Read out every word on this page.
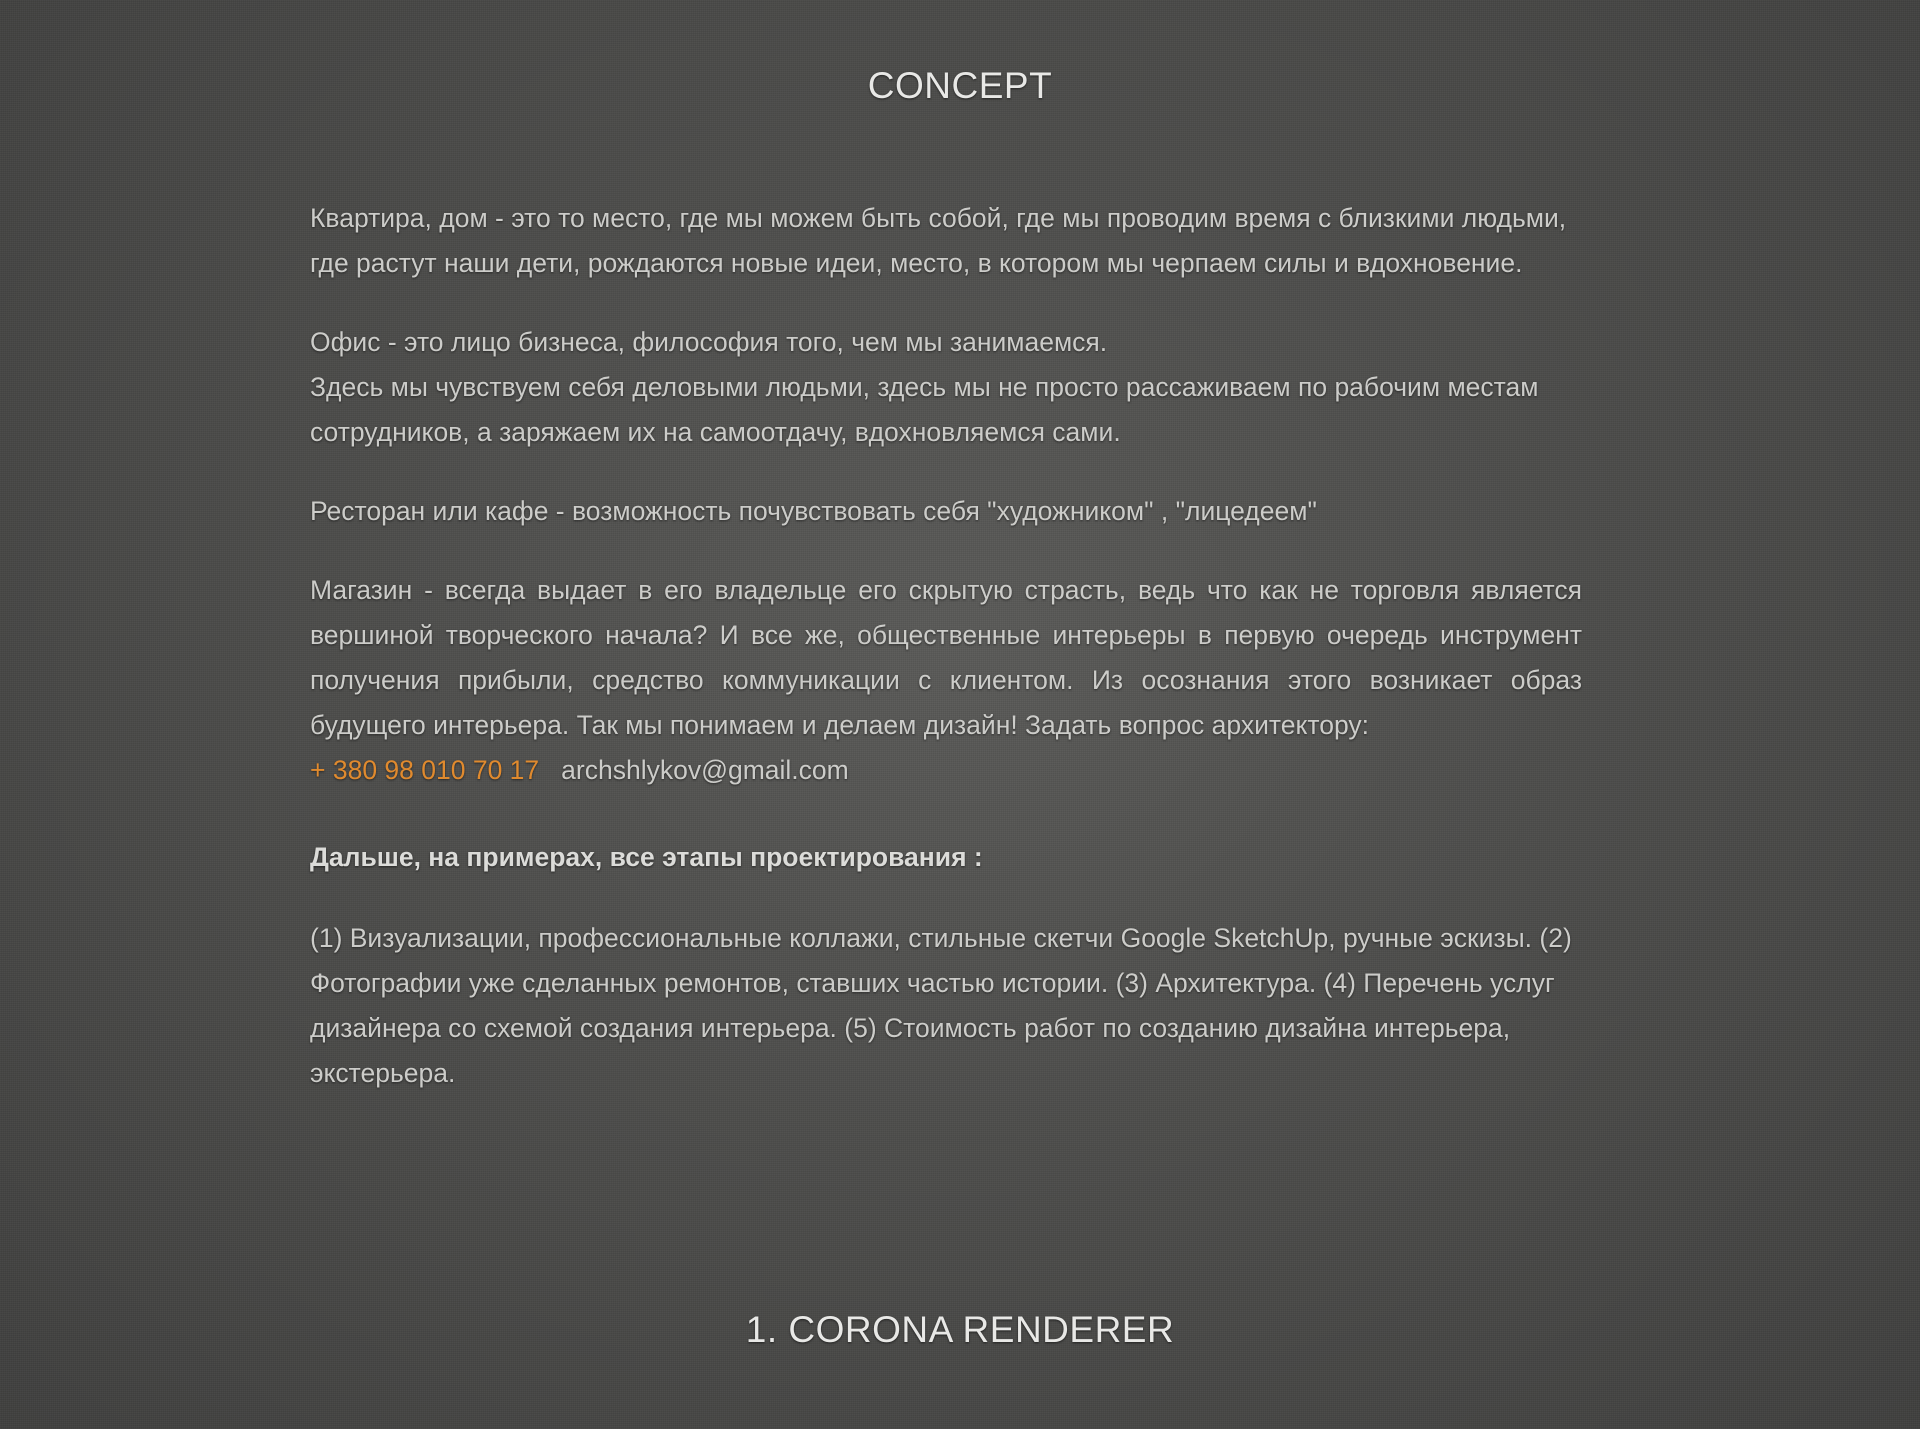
CONCEPT

Квартира, дом - это то место, где мы можем быть собой, где мы проводим время с близкими людьми, где растут наши дети, рождаются новые идеи, место, в котором мы черпаем силы и вдохновение.

Офис - это лицо бизнеса, философия того, чем мы занимаемся.

Здесь мы чувствуем себя деловыми людьми, здесь мы не просто рассаживаем по рабочим местам сотрудников, а заряжаем их на самоотдачу, вдохновляемся сами.

Ресторан или кафе - возможность почувствовать себя "художником" , "лицедеем"

Магазин - всегда выдает в его владельце его скрытую страсть, ведь что как не торговля является вершиной творческого начала? И все же, общественные интерьеры в первую очередь инструмент получения прибыли, средство коммуникации с клиентом. Из осознания этого возникает образ будущего интерьера. Так мы понимаем и делаем дизайн! Задать вопрос архитектору:

+ 380 98 010 70 17 archshlykov@gmail.com

Дальше, на примерах, все этапы проектирования :

(1) Визуализации, профессиональные коллажи, стильные скетчи Google SketchUp, ручные эскизы. (2) Фотографии уже сделанных ремонтов, ставших частью истории. (3) Архитектура. (4) Перечень услуг дизайнера со схемой создания интерьера. (5) Стоимость работ по созданию дизайна интерьера, экстерьера.

1. CORONA RENDERER
